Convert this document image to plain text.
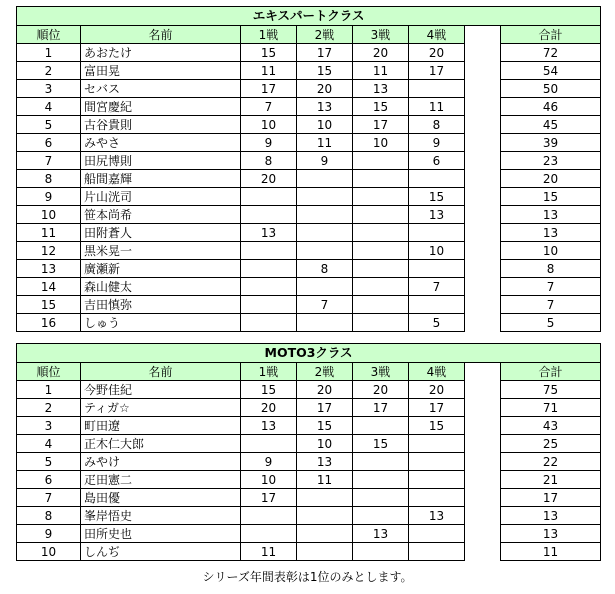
エキスパートクラス							
順位	名前	1戦	2戦	3戦	4戦		合計
1	あおたけ	15	17	20	20		72
2	富田晃	11	15	11	17		54
3	セバス	17	20	13			50
4	間宮慶紀	7	13	15	11		46
5	古谷貴則	10	10	17	8		45
6	みやさ	9	11	10	9		39
7	田尻博則	8	9		6		23
8	船間嘉輝	20					20
9	片山洸司				15		15
10	笹本尚希				13		13
11	田附蒼人	13					13
12	黒米晃一				10		10
13	廣瀬新		8				8
14	森山健太				7		7
15	吉田慎弥		7				7
16	しゅう				5		5
MOTO3クラス							
順位	名前	1戦	2戦	3戦	4戦		合計
1	今野佳紀	15	20	20	20		75
2	ティガ☆	20	17	17	17		71
3	町田遼	13	15		15		43
4	正木仁大郎		10	15			25
5	みやけ	9	13				22
6	疋田憲二	10	11				21
7	島田優	17					17
8	峯岸悟史				13		13
9	田所史也			13			13
10	しんぢ	11					11
シリーズ年間表彰は1位のみとします。
